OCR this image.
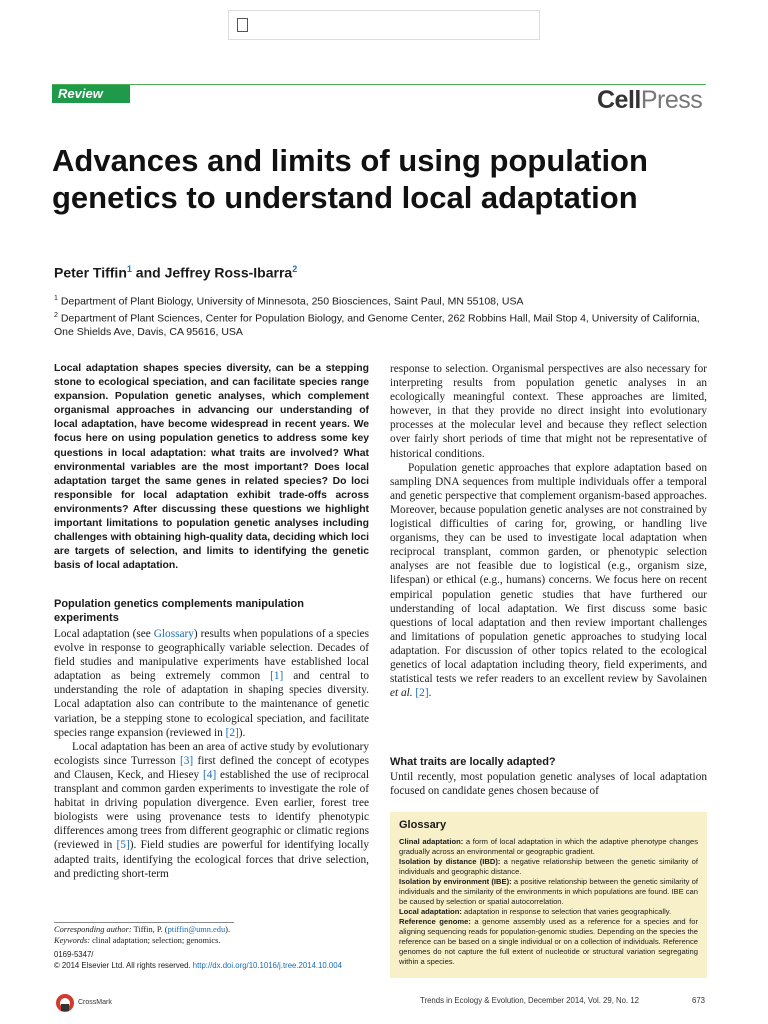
Review	CellPress
Advances and limits of using population genetics to understand local adaptation
Peter Tiffin$^1$ and Jeffrey Ross-Ibarra$^2$
$^1$ Department of Plant Biology, University of Minnesota, 250 Biosciences, Saint Paul, MN 55108, USA
$^2$ Department of Plant Sciences, Center for Population Biology, and Genome Center, 262 Robbins Hall, Mail Stop 4, University of California, One Shields Ave, Davis, CA 95616, USA
Local adaptation shapes species diversity, can be a stepping stone to ecological speciation, and can facilitate species range expansion. Population genetic analyses, which complement organismal approaches in advancing our understanding of local adaptation, have become widespread in recent years. We focus here on using population genetics to address some key questions in local adaptation: what traits are involved? What environmental variables are the most important? Does local adaptation target the same genes in related species? Do loci responsible for local adaptation exhibit trade-offs across environments? After discussing these questions we highlight important limitations to population genetic analyses including challenges with obtaining high-quality data, deciding which loci are targets of selection, and limits to identifying the genetic basis of local adaptation.
Population genetics complements manipulation experiments

Local adaptation (see Glossary) results when populations of a species evolve in response to geographically variable selection. Decades of field studies and manipulative experiments have established local adaptation as being extremely common [1] and central to understanding the role of adaptation in shaping species diversity. Local adaptation also can contribute to the maintenance of genetic variation, be a stepping stone to ecological speciation, and facilitate species range expansion (reviewed in [2]).

Local adaptation has been an area of active study by evolutionary ecologists since Turresson [3] first defined the concept of ecotypes and Clausen, Keck, and Hiesey [4] established the use of reciprocal transplant and common garden experiments to investigate the role of habitat in driving population divergence. Even earlier, forest tree biologists were using provenance tests to identify phenotypic differences among trees from different geographic or climatic regions (reviewed in [5]). Field studies are powerful for identifying locally adapted traits, identifying the ecological forces that drive selection, and predicting short-term

Corresponding author: Tiffin, P. (ptiffin@umn.edu).
Keywords: clinal adaptation; selection; genomics.
0169-5347/
© 2014 Elsevier Ltd. All rights reserved. http://dx.doi.org/10.1016/j.tree.2014.10.004
CrossMark

response to selection. Organismal perspectives are also necessary for interpreting results from population genetic analyses in an ecologically meaningful context. These approaches are limited, however, in that they provide no direct insight into evolutionary processes at the molecular level and because they reflect selection over fairly short periods of time that might not be representative of historical conditions.

Population genetic approaches that explore adaptation based on sampling DNA sequences from multiple individuals offer a temporal and genetic perspective that complement organism-based approaches. Moreover, because population genetic analyses are not constrained by logistical difficulties of caring for, growing, or handling live organisms, they can be used to investigate local adaptation when reciprocal transplant, common garden, or phenotypic selection analyses are not feasible due to logistical (e.g., organism size, lifespan) or ethical (e.g., humans) concerns. We focus here on recent empirical population genetic studies that have furthered our understanding of local adaptation. We first discuss some basic questions of local adaptation and then review important challenges and limitations of population genetic approaches to studying local adaptation. For discussion of other topics related to the ecological genetics of local adaptation including theory, field experiments, and statistical tests we refer readers to an excellent review by Savolainen et al. [2].

What traits are locally adapted?
Until recently, most population genetic analyses of local adaptation focused on candidate genes chosen because of
Glossary
Clinal adaptation: a form of local adaptation in which the adaptive phenotype changes gradually across an environmental or geographic gradient.
Isolation by distance (IBD): a negative relationship between the genetic similarity of individuals and geographic distance.
Isolation by environment (IBE): a positive relationship between the genetic similarity of individuals and the similarity of the environments in which populations are found. IBE can be caused by selection or spatial autocorrelation.
Local adaptation: adaptation in response to selection that varies geographically.
Reference genome: a genome assembly used as a reference for a species and for aligning sequencing reads for population-genomic studies. Depending on the species the reference can be based on a single individual or on a collection of individuals. Reference genomes do not capture the full extent of nucleotide or structural variation segregating within a species.
Trends in Ecology & Evolution, December 2014, Vol. 29, No. 12	673
